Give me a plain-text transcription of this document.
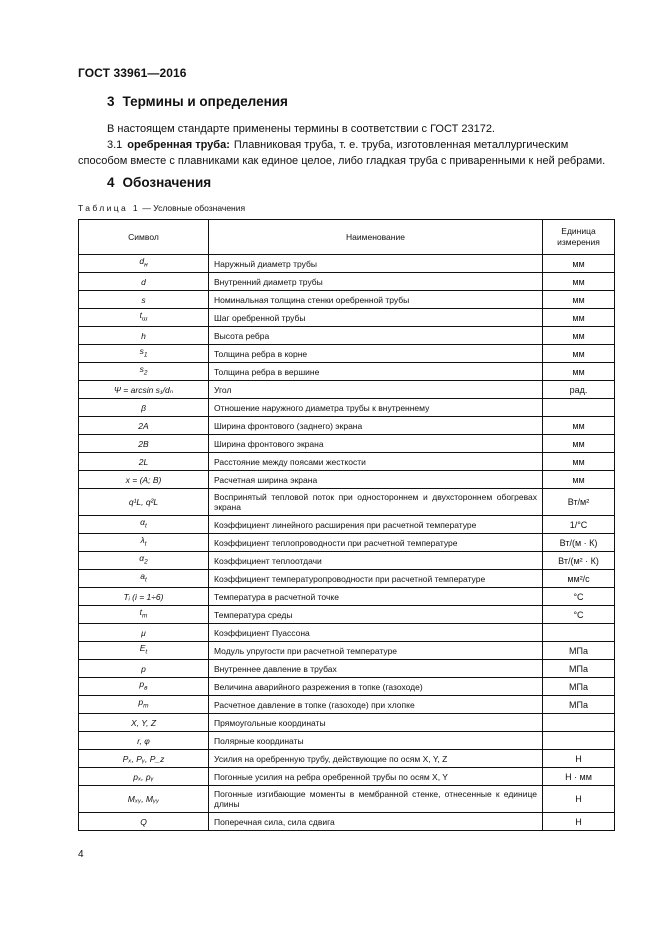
ГОСТ 33961—2016
3 Термины и определения
В настоящем стандарте применены термины в соответствии с ГОСТ 23172.
3.1 оребренная труба: Плавниковая труба, т. е. труба, изготовленная металлургическим способом вместе с плавниками как единое целое, либо гладкая труба с приваренными к ней ребрами.
4 Обозначения
Таблица 1 — Условные обозначения
Символ	Наименование	Единица измерения
$d_н$	Наружный диаметр трубы	мм
d	Внутренний диаметр трубы	мм
s	Номинальная толщина стенки оребренной трубы	мм
$t_ш$	Шаг оребренной трубы	мм
h	Высота ребра	мм
$s_1$	Толщина ребра в корне	мм
$s_2$	Толщина ребра в вершине	мм
Ψ = arcsin s₁/dₙ	Угол	рад.
β	Отношение наружного диаметра трубы к внутреннему	
2A	Ширина фронтового (заднего) экрана	мм
2B	Ширина фронтового экрана	мм
2L	Расстояние между поясами жесткости	мм
x = (A; B)	Расчетная ширина экрана	мм
q¹L, q²L	Воспринятый тепловой поток при одностороннем и двухстороннем обогревах экрана	Вт/м²
$\alpha_t$	Коэффициент линейного расширения при расчетной температуре	1/°C
$\lambda_t$	Коэффициент теплопроводности при расчетной температуре	Вт/(м · К)
$\alpha_2$	Коэффициент теплоотдачи	Вт/(м² · К)
$a_t$	Коэффициент температуропроводности при расчетной температуре	мм²/с
Tᵢ (i = 1÷6)	Температура в расчетной точке	°C
$t_m$	Температура среды	°C
μ	Коэффициент Пуассона	
$E_t$	Модуль упругости при расчетной температуре	МПа
p	Внутреннее давление в трубах	МПа
$p_в$	Величина аварийного разрежения в топке (газоходе)	МПа
$p_т$	Расчетное давление в топке (газоходе) при хлопке	МПа
X, Y, Z	Прямоугольные координаты	
r, φ	Полярные координаты	
Pₓ, Pᵧ, P_z	Усилия на оребренную трубу, действующие по осям X, Y, Z	Н
pₓ, pᵧ	Погонные усилия на ребра оребренной трубы по осям X, Y	Н · мм
Mₓᵧ, Mᵧᵧ	Погонные изгибающие моменты в мембранной стенке, отнесенные к единице длины	Н
Q	Поперечная сила, сила сдвига	Н
4
